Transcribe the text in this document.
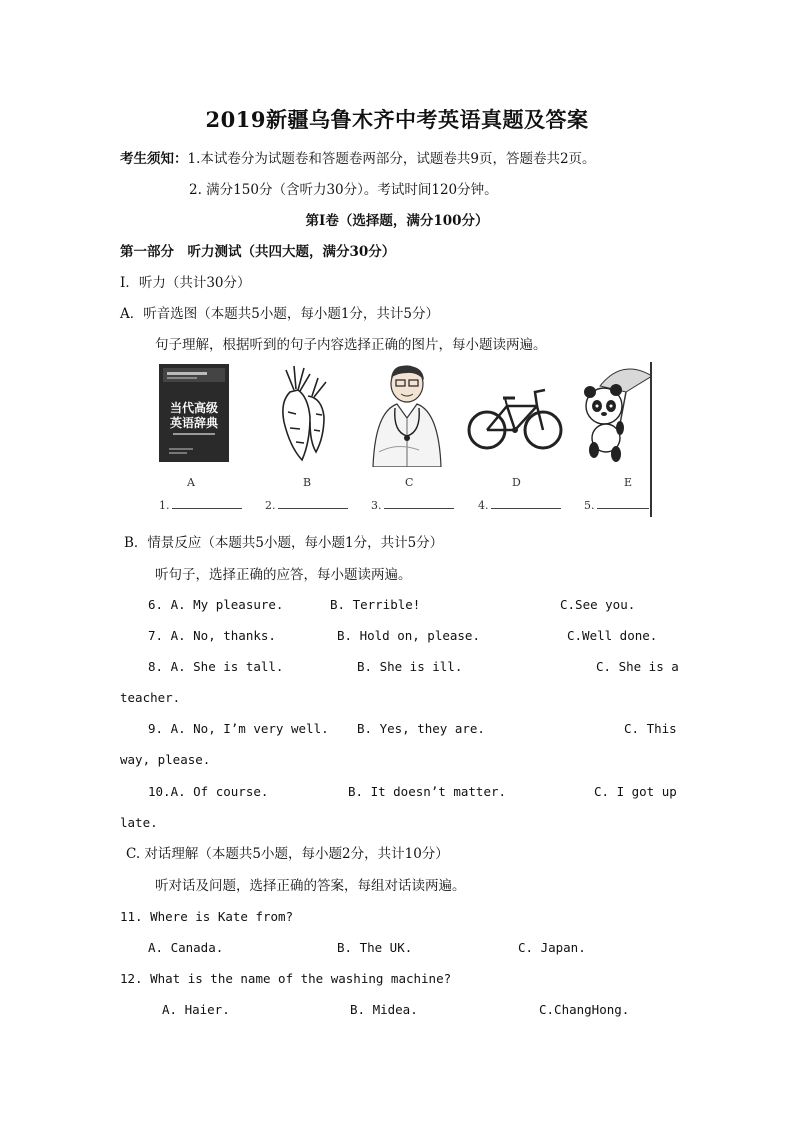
2019新疆乌鲁木齐中考英语真题及答案
考生须知：1.本试卷分为试题卷和答题卷两部分，试题卷共9页，答题卷共2页。
2. 满分150分（含听力30分）。考试时间120分钟。
第Ⅰ卷（选择题，满分100分）
第一部分　听力测试（共四大题，满分30分）
I．听力（共计30分）
A．听音选图（本题共5小题，每小题1分，共计5分）
句子理解，根据听到的句子内容选择正确的图片，每小题读两遍。
当代高级
英语辞典
A	B	C	D	E
1.	2.	3.	4.	5.
B．情景反应（本题共5小题，每小题1分，共计5分）
听句子，选择正确的应答，每小题读两遍。
6. A. My pleasure.	B. Terrible!	C.See you.
7. A. No, thanks.	B. Hold on, please.	C.Well done.
8. A. She is tall.	B. She is ill.	C. She is a
teacher.
9. A. No, I’m very well. B. Yes, they are.	C. This
way, please.
10.A. Of course.	B. It doesn’t matter.	C. I got up
late.
C. 对话理解（本题共5小题，每小题2分，共计10分）
听对话及问题，选择正确的答案，每组对话读两遍。
11. Where is Kate from?
A. Canada.	B. The UK.	C. Japan.
12. What is the name of the washing machine?
A. Haier.	B. Midea.	C.ChangHong.
